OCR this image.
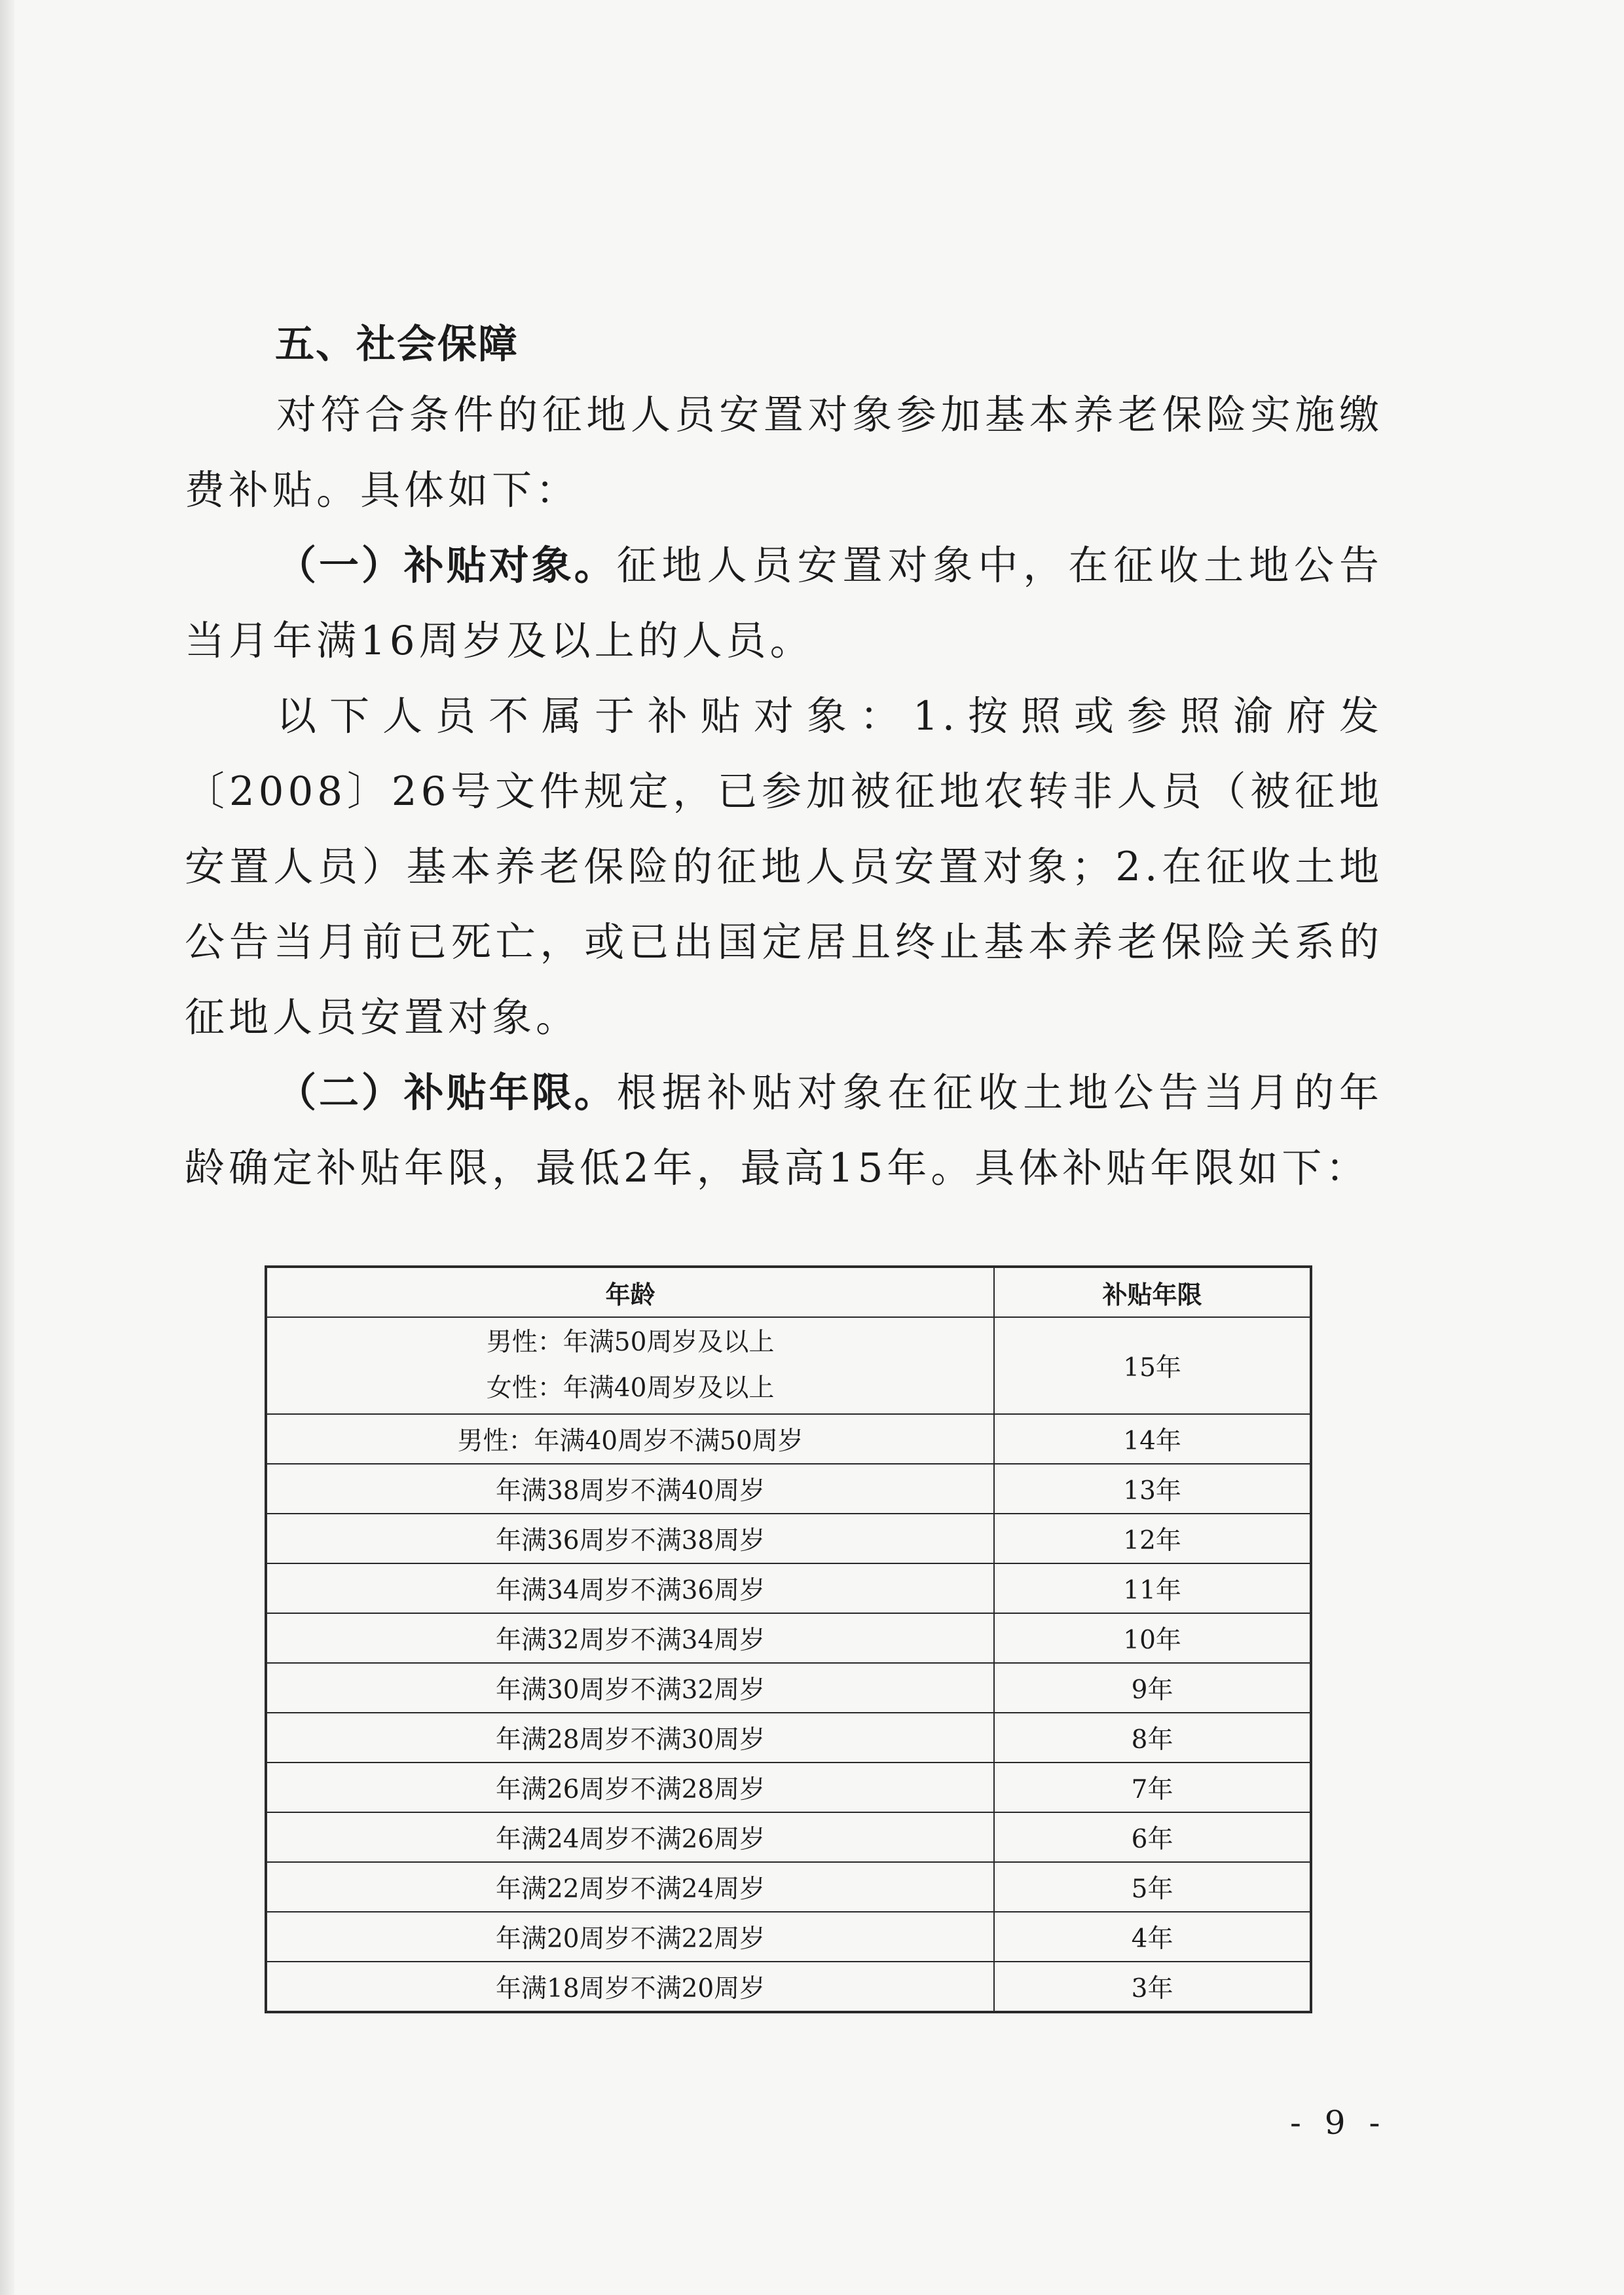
五、社会保障

对符合条件的征地人员安置对象参加基本养老保险实施缴费补贴。具体如下：

（一）补贴对象。征地人员安置对象中，在征收土地公告当月年满16周岁及以上的人员。

以下人员不属于补贴对象：1.按照或参照渝府发〔2008〕26号文件规定，已参加被征地农转非人员（被征地安置人员）基本养老保险的征地人员安置对象；2.在征收土地公告当月前已死亡，或已出国定居且终止基本养老保险关系的征地人员安置对象。

（二）补贴年限。根据补贴对象在征收土地公告当月的年龄确定补贴年限，最低2年，最高15年。具体补贴年限如下：

年龄	补贴年限

男性：年满50周岁及以上
女性：年满40周岁及以上	15年
男性：年满40周岁不满50周岁	14年
年满38周岁不满40周岁	13年
年满36周岁不满38周岁	12年
年满34周岁不满36周岁	11年
年满32周岁不满34周岁	10年
年满30周岁不满32周岁	9年
年满28周岁不满30周岁	8年
年满26周岁不满28周岁	7年
年满24周岁不满26周岁	6年
年满22周岁不满24周岁	5年
年满20周岁不满22周岁	4年
年满18周岁不满20周岁	3年

- 9 -
